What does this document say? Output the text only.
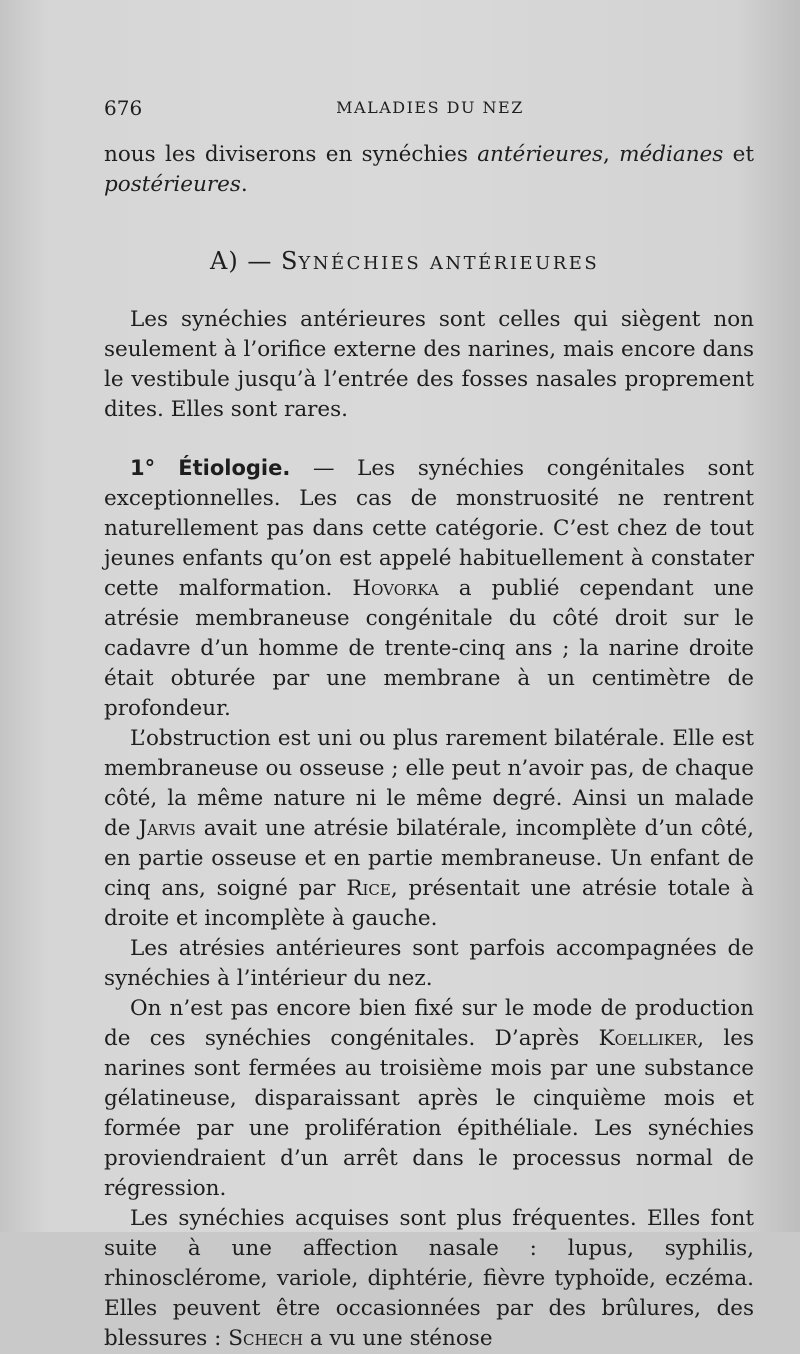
676	MALADIES DU NEZ

nous les diviserons en synéchies antérieures, médianes et postérieures.

A) — SYNÉCHIES ANTÉRIEURES

Les synéchies antérieures sont celles qui siègent non seulement à l’orifice externe des narines, mais encore dans le vestibule jusqu’à l’entrée des fosses nasales proprement dites. Elles sont rares.

1° Étiologie. — Les synéchies congénitales sont exceptionnelles. Les cas de monstruosité ne rentrent naturellement pas dans cette catégorie. C’est chez de tout jeunes enfants qu’on est appelé habituellement à constater cette malformation. Hovorka a publié cependant une atrésie membraneuse congénitale du côté droit sur le cadavre d’un homme de trente-cinq ans ; la narine droite était obturée par une membrane à un centimètre de profondeur.

L’obstruction est uni ou plus rarement bilatérale. Elle est membraneuse ou osseuse ; elle peut n’avoir pas, de chaque côté, la même nature ni le même degré. Ainsi un malade de Jarvis avait une atrésie bilatérale, incomplète d’un côté, en partie osseuse et en partie membraneuse. Un enfant de cinq ans, soigné par Rice, présentait une atrésie totale à droite et incomplète à gauche.

Les atrésies antérieures sont parfois accompagnées de synéchies à l’intérieur du nez.

On n’est pas encore bien fixé sur le mode de production de ces synéchies congénitales. D’après Koelliker, les narines sont fermées au troisième mois par une substance gélatineuse, disparaissant après le cinquième mois et formée par une prolifération épithéliale. Les synéchies proviendraient d’un arrêt dans le processus normal de régression.

Les synéchies acquises sont plus fréquentes. Elles font suite à une affection nasale : lupus, syphilis, rhinosclérome, variole, diphtérie, fièvre typhoïde, eczéma. Elles peuvent être occasionnées par des brûlures, des blessures : Schech a vu une sténose
